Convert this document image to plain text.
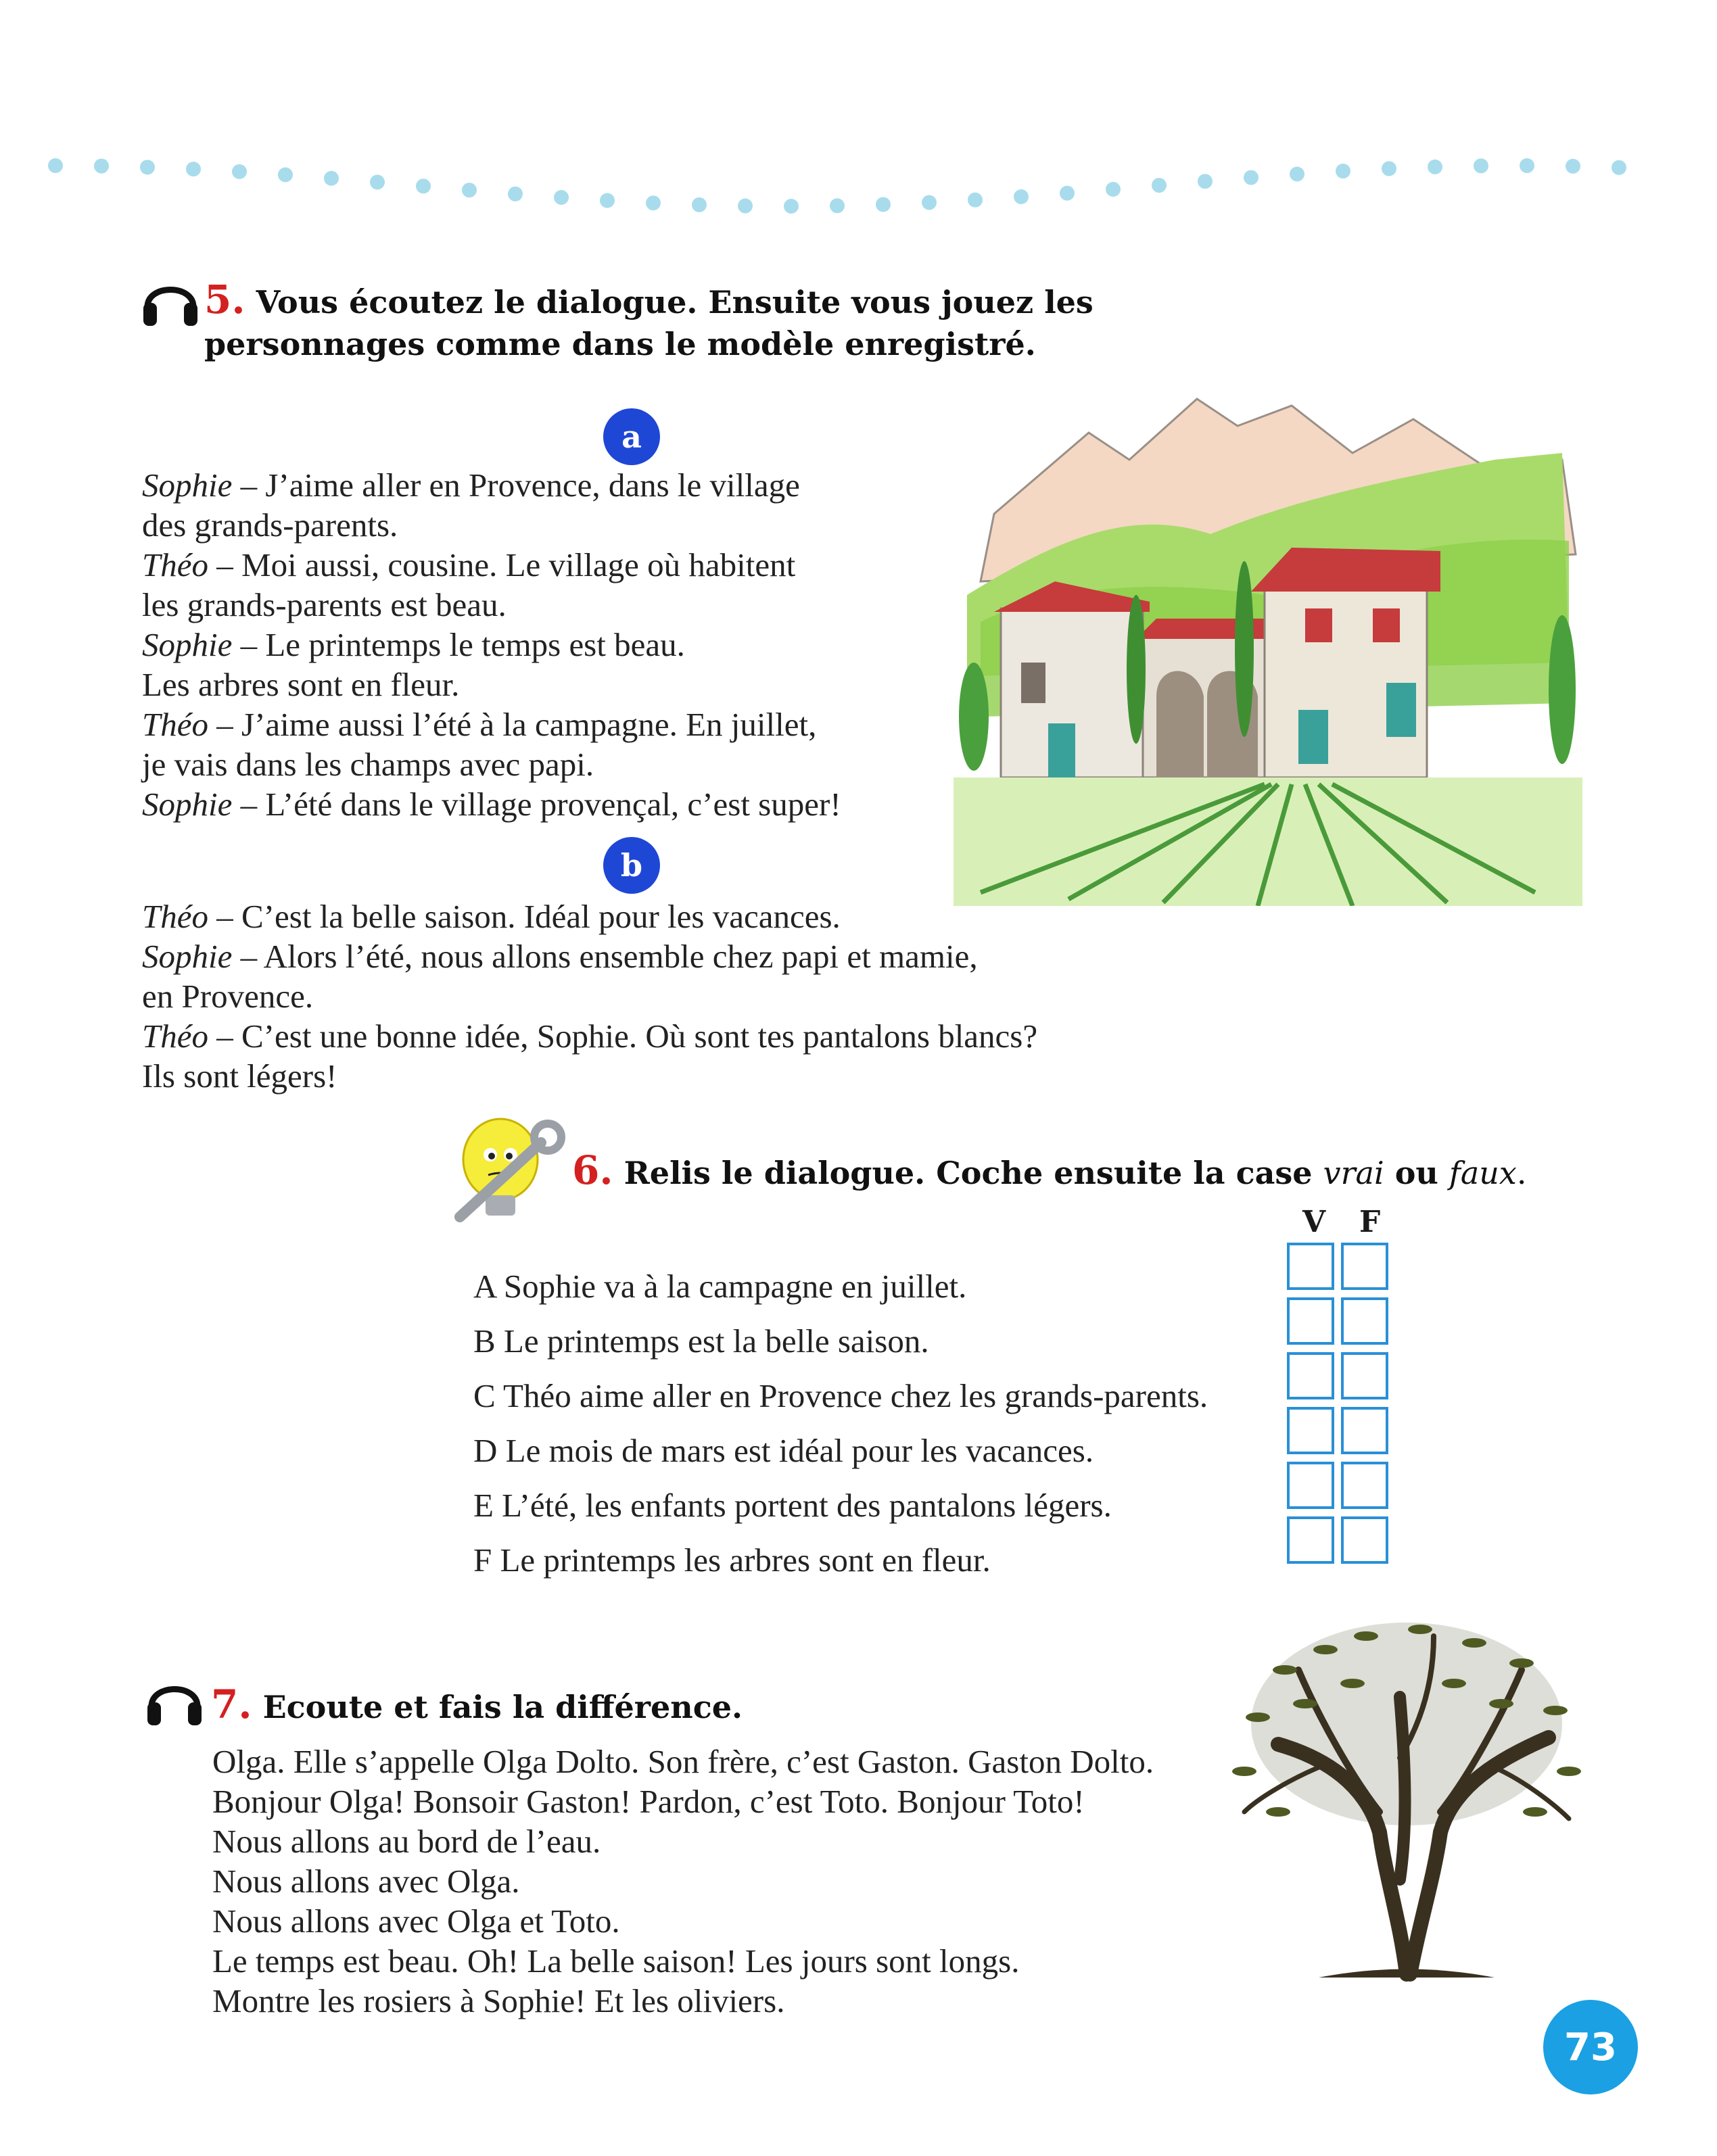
5. Vous écoutez le dialogue. Ensuite vous jouez les
personnages comme dans le modèle enregistré.
a
Sophie – J’aime aller en Provence, dans le village
des grands-parents.
Théo – Moi aussi, cousine. Le village où habitent
les grands-parents est beau.
Sophie – Le printemps le temps est beau.
Les arbres sont en fleur.
Théo – J’aime aussi l’été à la campagne. En juillet,
je vais dans les champs avec papi.
Sophie – L’été dans le village provençal, c’est super!
b
Théo – C’est la belle saison. Idéal pour les vacances.
Sophie – Alors l’été, nous allons ensemble chez papi et mamie,
en Provence.
Théo – C’est une bonne idée, Sophie. Où sont tes pantalons blancs?
Ils sont légers!
6. Relis le dialogue. Coche ensuite la case vrai ou faux.
V F
A Sophie va à la campagne en juillet.
B Le printemps est la belle saison.
C Théo aime aller en Provence chez les grands-parents.
D Le mois de mars est idéal pour les vacances.
E L’été, les enfants portent des pantalons légers.
F Le printemps les arbres sont en fleur.
7. Ecoute et fais la différence.
Olga. Elle s’appelle Olga Dolto. Son frère, c’est Gaston. Gaston Dolto.
Bonjour Olga! Bonsoir Gaston! Pardon, c’est Toto. Bonjour Toto!
Nous allons au bord de l’eau.
Nous allons avec Olga.
Nous allons avec Olga et Toto.
Le temps est beau. Oh! La belle saison! Les jours sont longs.
Montre les rosiers à Sophie! Et les oliviers.
73
